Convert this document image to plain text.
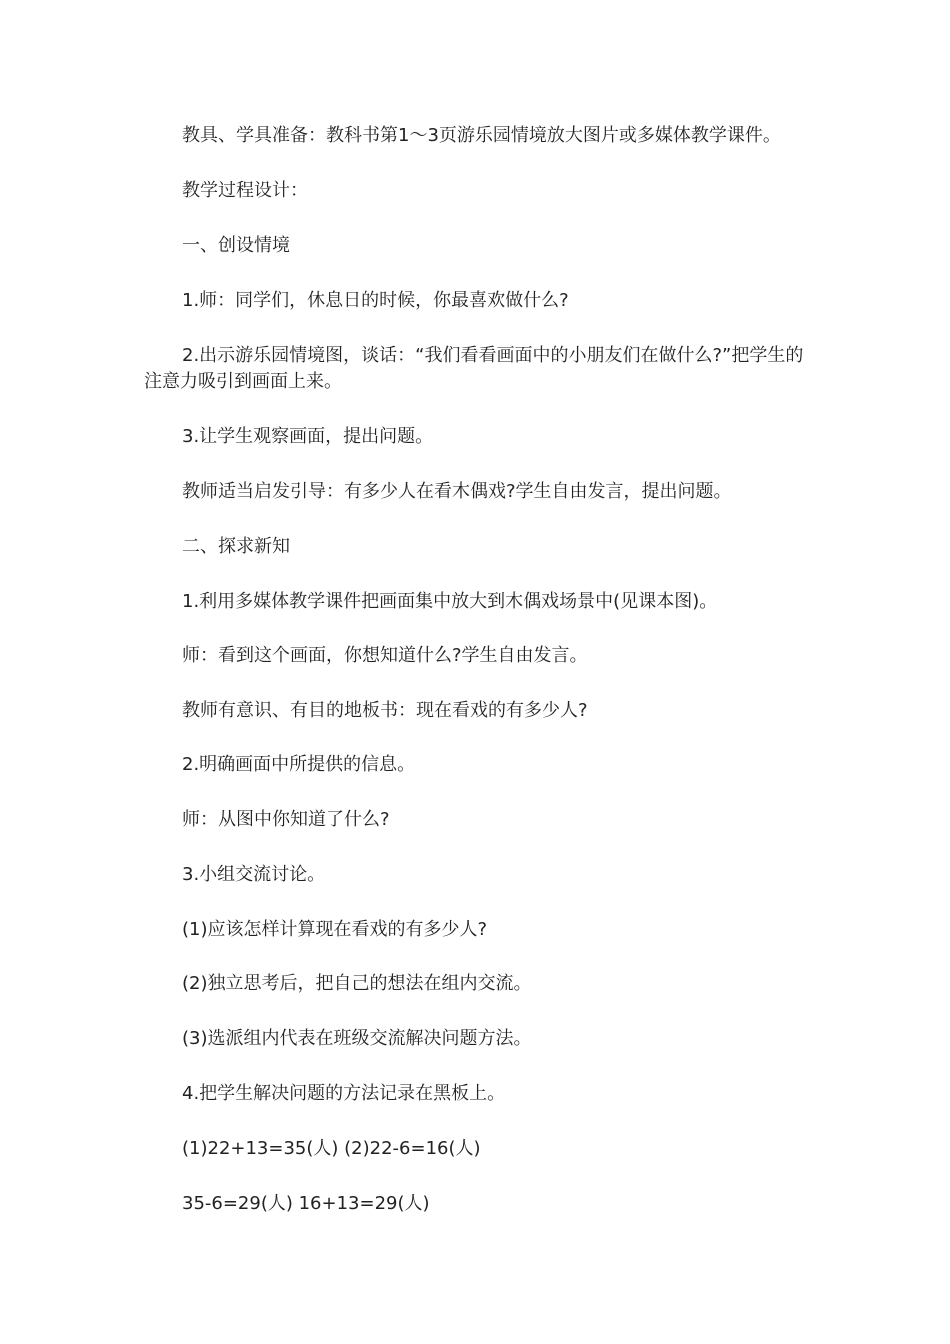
教具、学具准备：教科书第1～3页游乐园情境放大图片或多媒体教学课件。

教学过程设计：

一、创设情境

1.师：同学们，休息日的时候，你最喜欢做什么?

2.出示游乐园情境图，谈话：“我们看看画面中的小朋友们在做什么?”把学生的注意力吸引到画面上来。

3.让学生观察画面，提出问题。

教师适当启发引导：有多少人在看木偶戏?学生自由发言，提出问题。

二、探求新知

1.利用多媒体教学课件把画面集中放大到木偶戏场景中(见课本图)。

师：看到这个画面，你想知道什么?学生自由发言。

教师有意识、有目的地板书：现在看戏的有多少人?

2.明确画面中所提供的信息。

师：从图中你知道了什么?

3.小组交流讨论。

(1)应该怎样计算现在看戏的有多少人?

(2)独立思考后，把自己的想法在组内交流。

(3)选派组内代表在班级交流解决问题方法。

4.把学生解决问题的方法记录在黑板上。

(1)22+13=35(人) (2)22-6=16(人)

35-6=29(人) 16+13=29(人)
